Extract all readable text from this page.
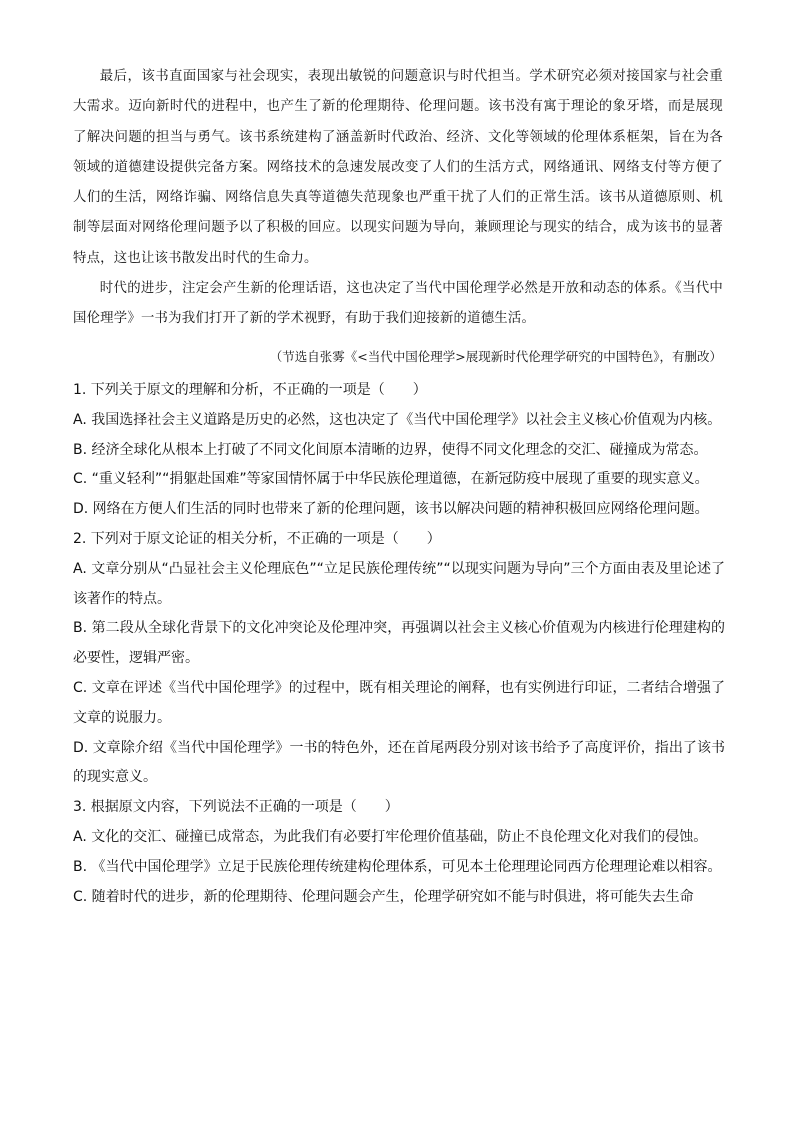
最后，该书直面国家与社会现实，表现出敏锐的问题意识与时代担当。学术研究必须对接国家与社会重大需求。迈向新时代的进程中，也产生了新的伦理期待、伦理问题。该书没有寓于理论的象牙塔，而是展现了解决问题的担当与勇气。该书系统建构了涵盖新时代政治、经济、文化等领域的伦理体系框架，旨在为各领域的道德建设提供完备方案。网络技术的急速发展改变了人们的生活方式，网络通讯、网络支付等方便了人们的生活，网络诈骗、网络信息失真等道德失范现象也严重干扰了人们的正常生活。该书从道德原则、机制等层面对网络伦理问题予以了积极的回应。以现实问题为导向，兼顾理论与现实的结合，成为该书的显著特点，这也让该书散发出时代的生命力。

时代的进步，注定会产生新的伦理话语，这也决定了当代中国伦理学必然是开放和动态的体系。《当代中国伦理学》一书为我们打开了新的学术视野，有助于我们迎接新的道德生活。

（节选自张雾《<当代中国伦理学>展现新时代伦理学研究的中国特色》，有删改）

1. 下列关于原文的理解和分析，不正确的一项是（　　）

A. 我国选择社会主义道路是历史的必然，这也决定了《当代中国伦理学》以社会主义核心价值观为内核。

B. 经济全球化从根本上打破了不同文化间原本清晰的边界，使得不同文化理念的交汇、碰撞成为常态。

C. “重义轻利”“捐躯赴国难”等家国情怀属于中华民族伦理道德，在新冠防疫中展现了重要的现实意义。

D. 网络在方便人们生活的同时也带来了新的伦理问题，该书以解决问题的精神积极回应网络伦理问题。

2. 下列对于原文论证的相关分析，不正确的一项是（　　）

A. 文章分别从“凸显社会主义伦理底色”“立足民族伦理传统”“以现实问题为导向”三个方面由表及里论述了该著作的特点。

B. 第二段从全球化背景下的文化冲突论及伦理冲突，再强调以社会主义核心价值观为内核进行伦理建构的必要性，逻辑严密。

C. 文章在评述《当代中国伦理学》的过程中，既有相关理论的阐释，也有实例进行印证，二者结合增强了文章的说服力。

D. 文章除介绍《当代中国伦理学》一书的特色外，还在首尾两段分别对该书给予了高度评价，指出了该书的现实意义。

3. 根据原文内容，下列说法不正确的一项是（　　）

A. 文化的交汇、碰撞已成常态，为此我们有必要打牢伦理价值基础，防止不良伦理文化对我们的侵蚀。

B. 《当代中国伦理学》立足于民族伦理传统建构伦理体系，可见本土伦理理论同西方伦理理论难以相容。

C. 随着时代的进步，新的伦理期待、伦理问题会产生，伦理学研究如不能与时俱进，将可能失去生命
